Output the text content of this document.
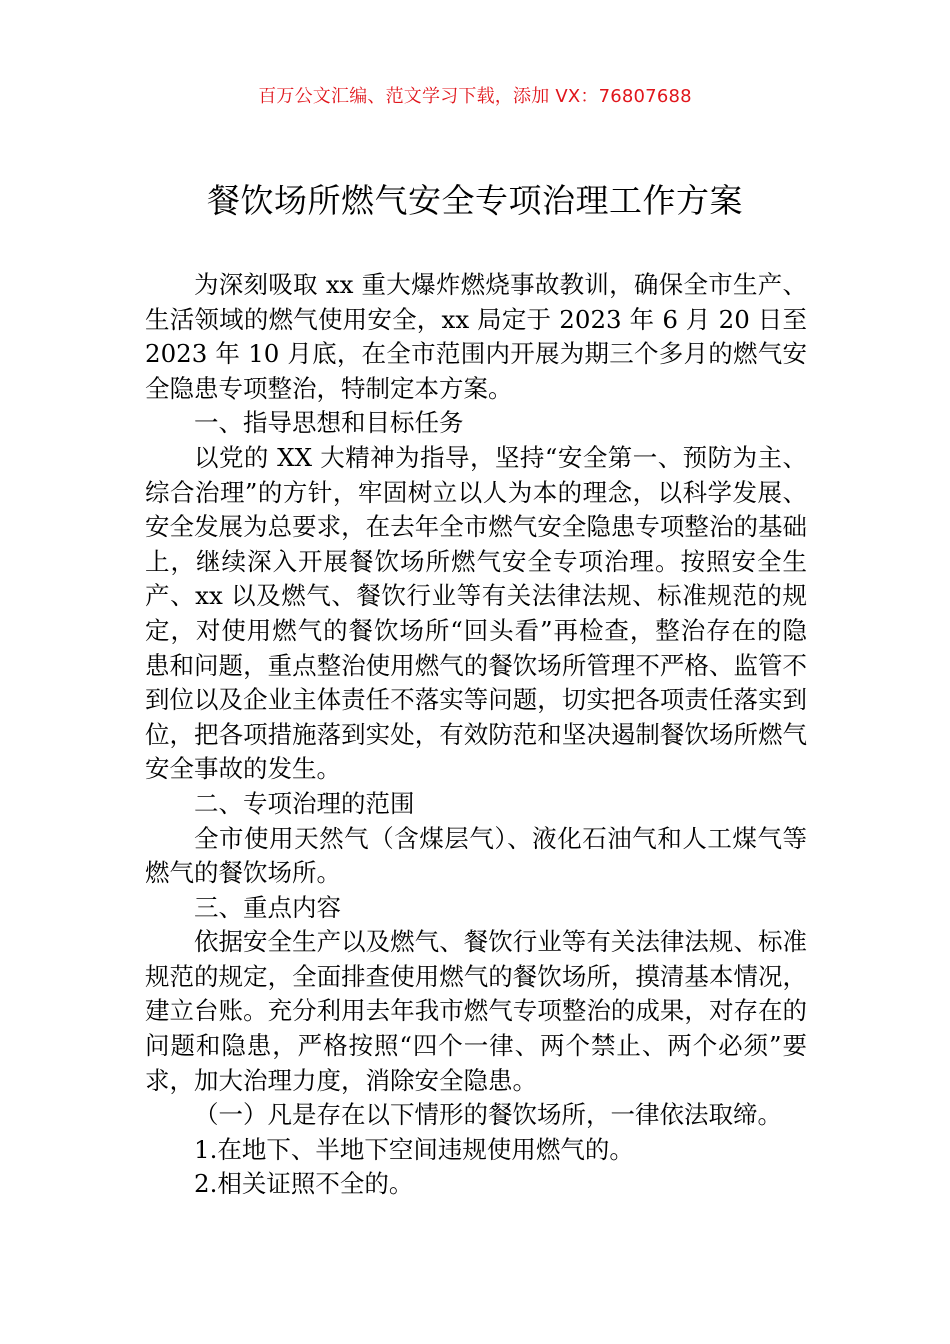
百万公文汇编、范文学习下载，添加 VX：76807688
餐饮场所燃气安全专项治理工作方案

为深刻吸取 xx 重大爆炸燃烧事故教训，确保全市生产、生活领域的燃气使用安全，xx 局定于 2023 年 6 月 20 日至 2023 年 10 月底，在全市范围内开展为期三个多月的燃气安全隐患专项整治，特制定本方案。

一、指导思想和目标任务

以党的 XX 大精神为指导，坚持“安全第一、预防为主、综合治理”的方针，牢固树立以人为本的理念，以科学发展、安全发展为总要求，在去年全市燃气安全隐患专项整治的基础上，继续深入开展餐饮场所燃气安全专项治理。按照安全生产、xx 以及燃气、餐饮行业等有关法律法规、标准规范的规定，对使用燃气的餐饮场所“回头看”再检查，整治存在的隐患和问题，重点整治使用燃气的餐饮场所管理不严格、监管不到位以及企业主体责任不落实等问题，切实把各项责任落实到位，把各项措施落到实处，有效防范和坚决遏制餐饮场所燃气安全事故的发生。

二、专项治理的范围

全市使用天然气（含煤层气）、液化石油气和人工煤气等燃气的餐饮场所。

三、重点内容

依据安全生产以及燃气、餐饮行业等有关法律法规、标准规范的规定，全面排查使用燃气的餐饮场所，摸清基本情况，建立台账。充分利用去年我市燃气专项整治的成果，对存在的问题和隐患，严格按照“四个一律、两个禁止、两个必须”要求，加大治理力度，消除安全隐患。

（一）凡是存在以下情形的餐饮场所，一律依法取缔。

1.在地下、半地下空间违规使用燃气的。

2.相关证照不全的。
